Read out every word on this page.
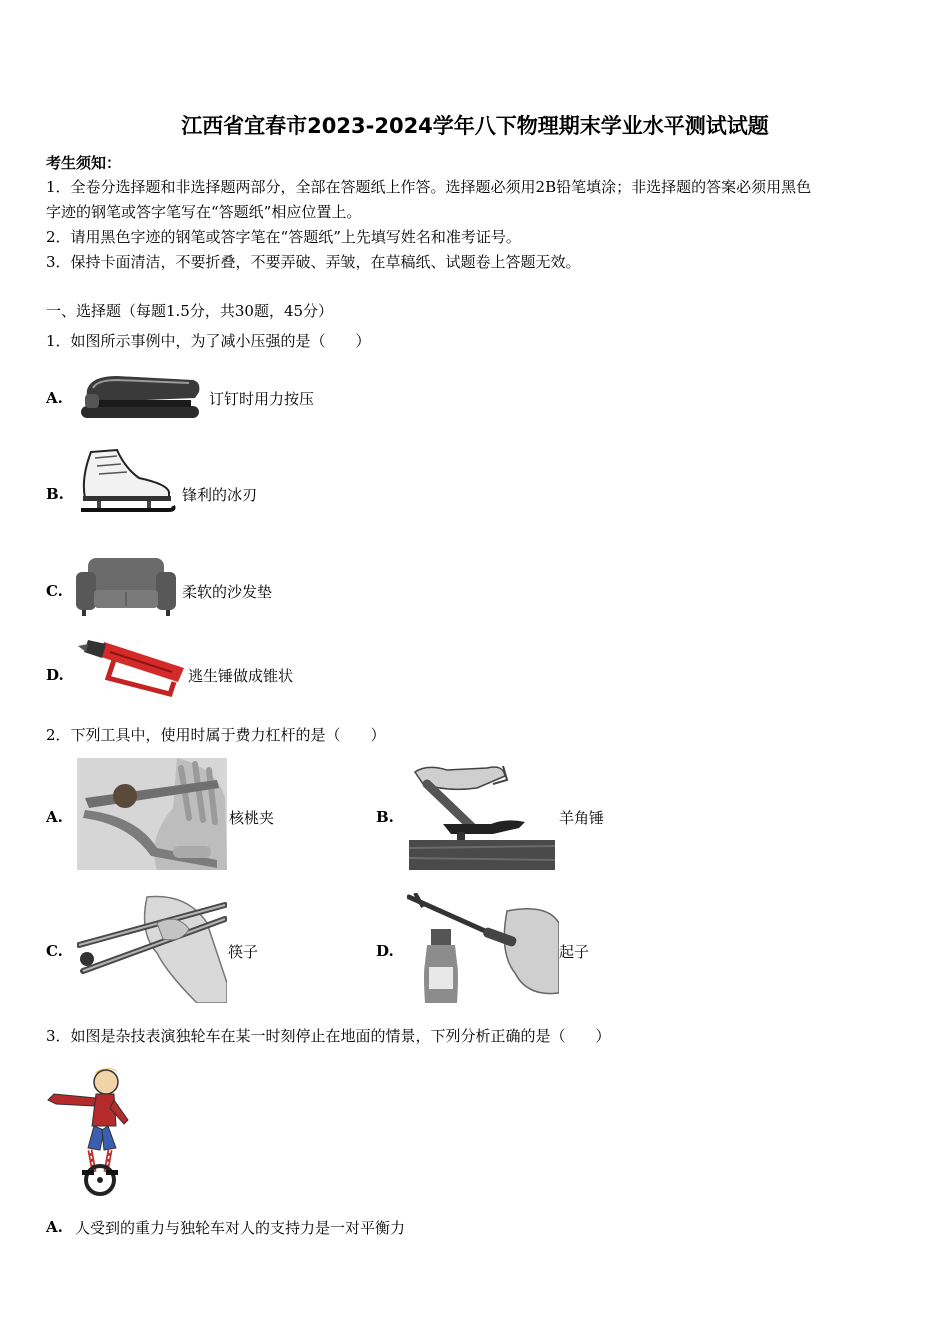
江西省宜春市2023-2024学年八下物理期末学业水平测试试题
考生须知：
1．全卷分选择题和非选择题两部分，全部在答题纸上作答。选择题必须用2B铅笔填涂；非选择题的答案必须用黑色
字迹的钢笔或答字笔写在“答题纸”相应位置上。
2．请用黑色字迹的钢笔或答字笔在“答题纸”上先填写姓名和准考证号。
3．保持卡面清洁，不要折叠，不要弄破、弄皱，在草稿纸、试题卷上答题无效。
一、选择题（每题1.5分，共30题，45分）
1．如图所示事例中，为了减小压强的是（　　）
A.	订钉时用力按压
B.	锋利的冰刃
C.	柔软的沙发垫
D.	逃生锤做成锥状
2．下列工具中，使用时属于费力杠杆的是（　　）
A.	核桃夹	B.	羊角锤
C.	筷子	D.	起子
3．如图是杂技表演独轮车在某一时刻停止在地面的情景，下列分析正确的是（　　）
A. 人受到的重力与独轮车对人的支持力是一对平衡力
